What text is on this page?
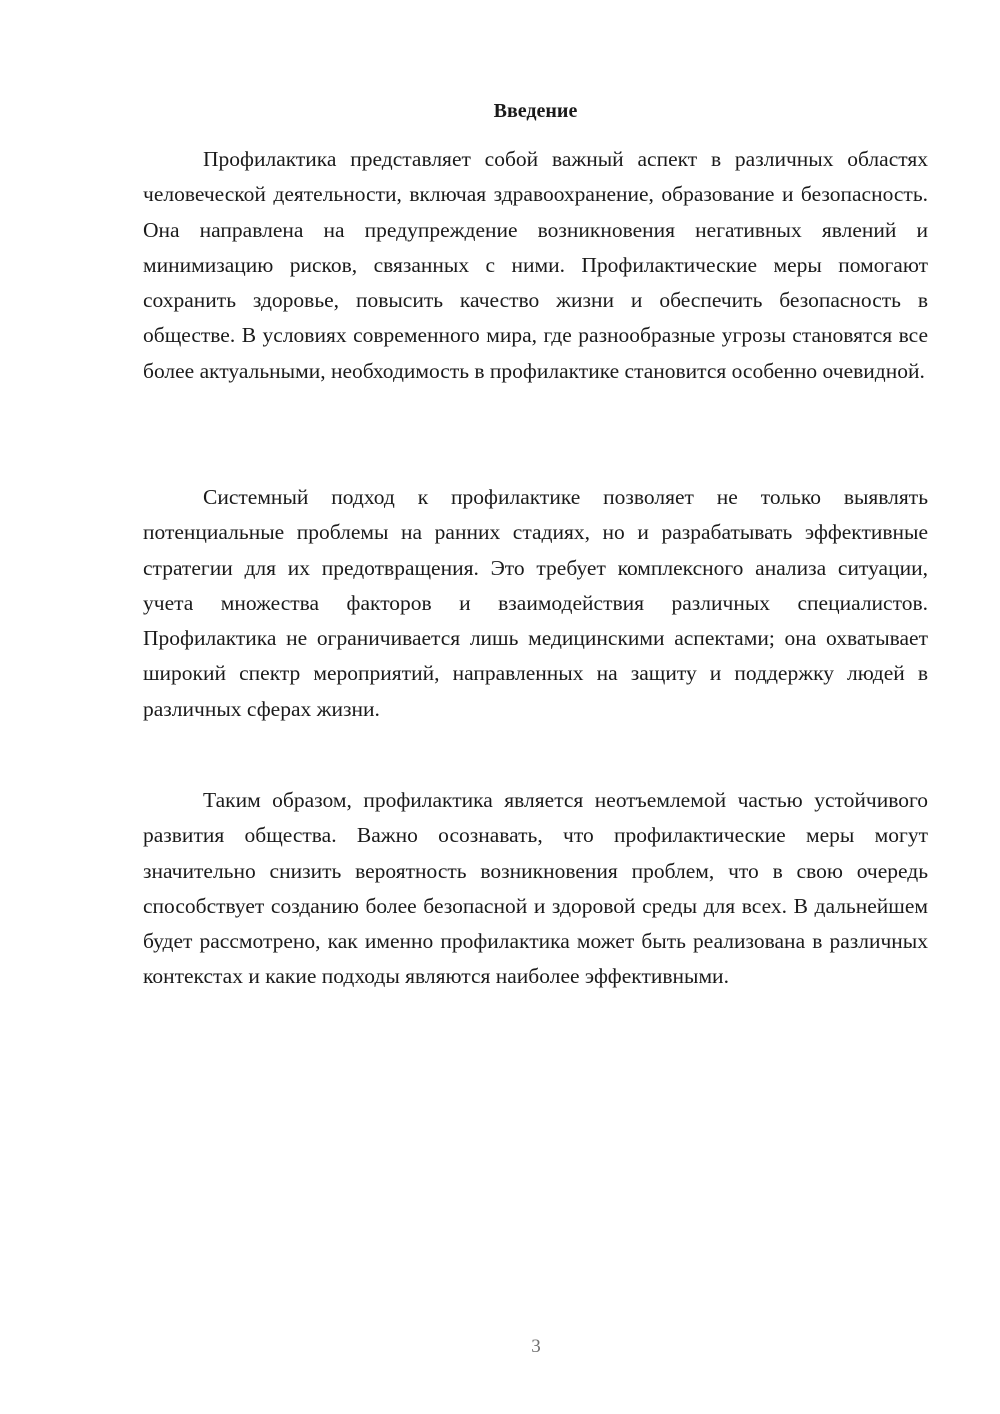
Введение

Профилактика представляет собой важный аспект в различных областях человеческой деятельности, включая здравоохранение, образование и безопасность. Она направлена на предупреждение возникновения негативных явлений и минимизацию рисков, связанных с ними. Профилактические меры помогают сохранить здоровье, повысить качество жизни и обеспечить безопасность в обществе. В условиях современного мира, где разнообразные угрозы становятся все более актуальными, необходимость в профилактике становится особенно очевидной.

Системный подход к профилактике позволяет не только выявлять потенциальные проблемы на ранних стадиях, но и разрабатывать эффективные стратегии для их предотвращения. Это требует комплексного анализа ситуации, учета множества факторов и взаимодействия различных специалистов. Профилактика не ограничивается лишь медицинскими аспектами; она охватывает широкий спектр мероприятий, направленных на защиту и поддержку людей в различных сферах жизни.

Таким образом, профилактика является неотъемлемой частью устойчивого развития общества. Важно осознавать, что профилактические меры могут значительно снизить вероятность возникновения проблем, что в свою очередь способствует созданию более безопасной и здоровой среды для всех. В дальнейшем будет рассмотрено, как именно профилактика может быть реализована в различных контекстах и какие подходы являются наиболее эффективными.

3
